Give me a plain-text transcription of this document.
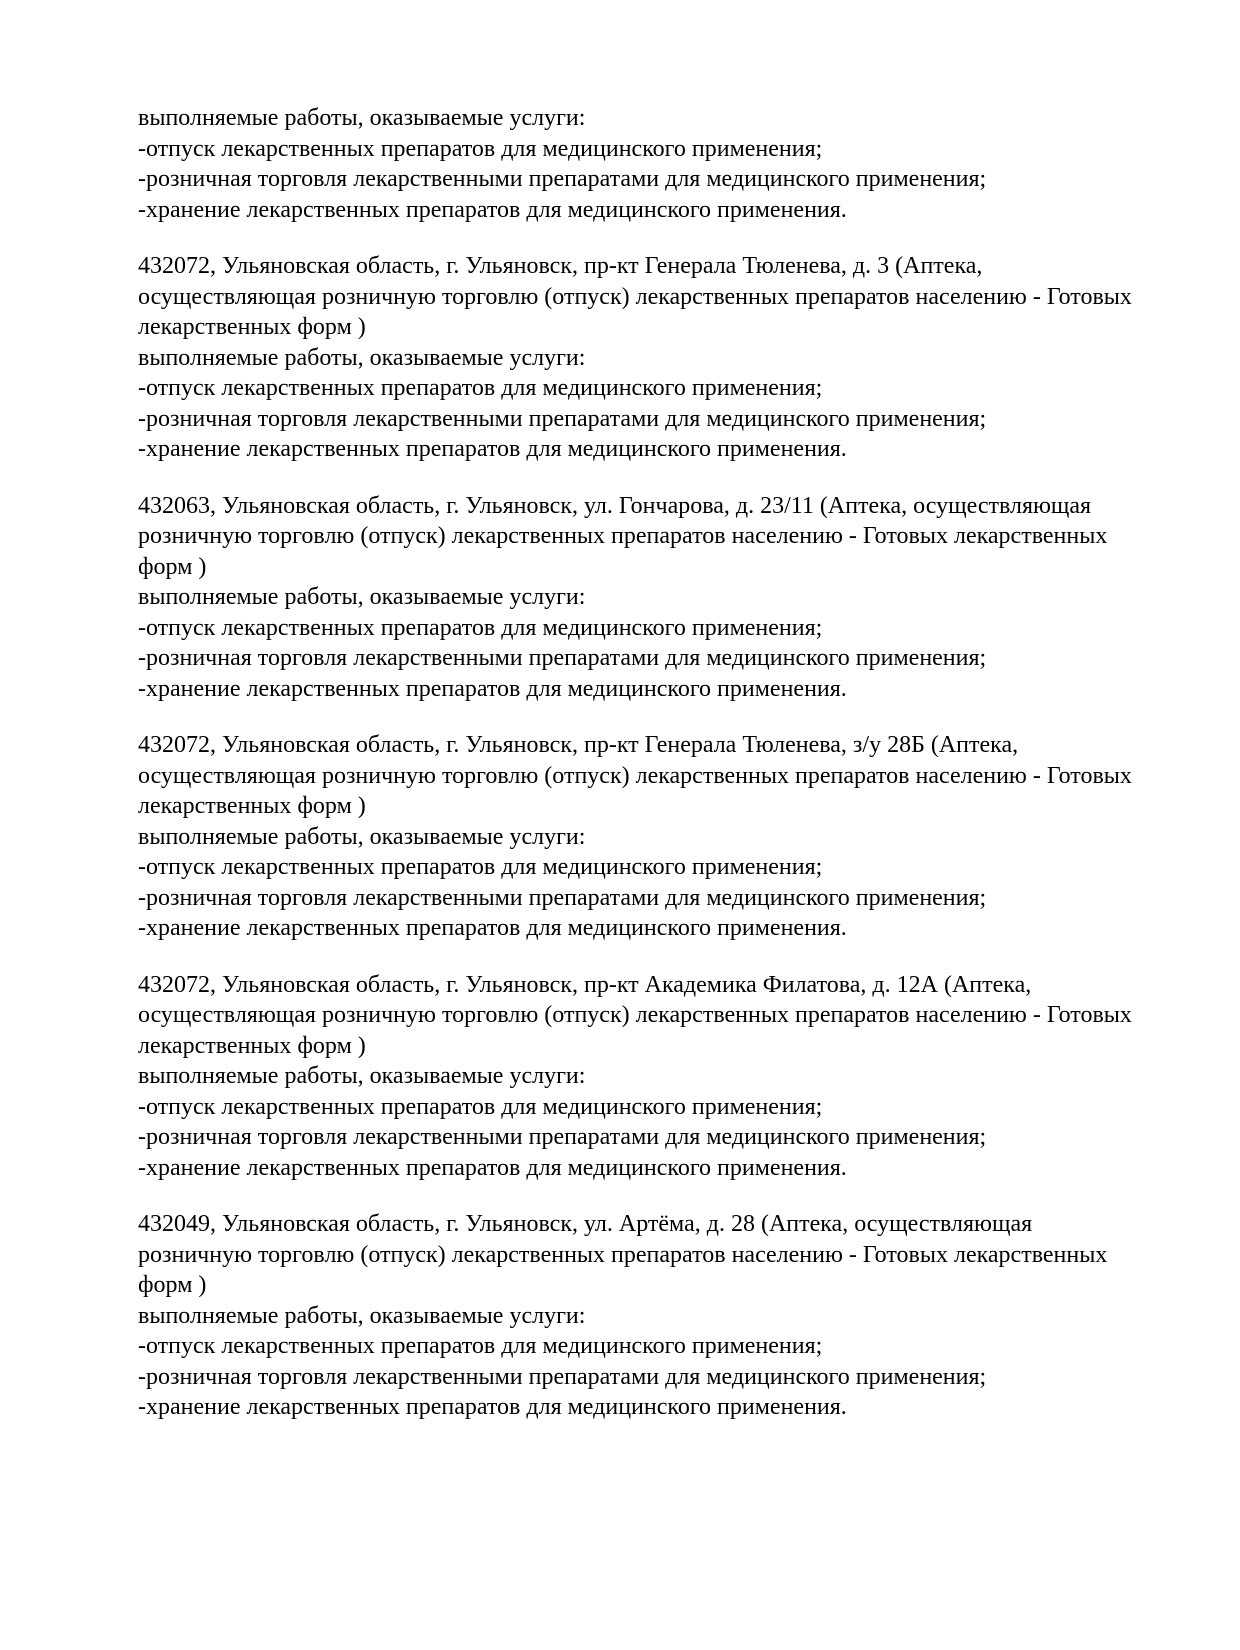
выполняемые работы, оказываемые услуги:
-отпуск лекарственных препаратов для медицинского применения;
-розничная торговля лекарственными препаратами для медицинского применения;
-хранение лекарственных препаратов для медицинского применения.
432072, Ульяновская область, г. Ульяновск, пр-кт Генерала Тюленева, д. 3 (Аптека,
осуществляющая розничную торговлю (отпуск) лекарственных препаратов населению - Готовых
лекарственных форм )
выполняемые работы, оказываемые услуги:
-отпуск лекарственных препаратов для медицинского применения;
-розничная торговля лекарственными препаратами для медицинского применения;
-хранение лекарственных препаратов для медицинского применения.
432063, Ульяновская область, г. Ульяновск, ул. Гончарова, д. 23/11 (Аптека, осуществляющая
розничную торговлю (отпуск) лекарственных препаратов населению - Готовых лекарственных
форм )
выполняемые работы, оказываемые услуги:
-отпуск лекарственных препаратов для медицинского применения;
-розничная торговля лекарственными препаратами для медицинского применения;
-хранение лекарственных препаратов для медицинского применения.
432072, Ульяновская область, г. Ульяновск, пр-кт Генерала Тюленева, з/у 28Б (Аптека,
осуществляющая розничную торговлю (отпуск) лекарственных препаратов населению - Готовых
лекарственных форм )
выполняемые работы, оказываемые услуги:
-отпуск лекарственных препаратов для медицинского применения;
-розничная торговля лекарственными препаратами для медицинского применения;
-хранение лекарственных препаратов для медицинского применения.
432072, Ульяновская область, г. Ульяновск, пр-кт Академика Филатова, д. 12А (Аптека,
осуществляющая розничную торговлю (отпуск) лекарственных препаратов населению - Готовых
лекарственных форм )
выполняемые работы, оказываемые услуги:
-отпуск лекарственных препаратов для медицинского применения;
-розничная торговля лекарственными препаратами для медицинского применения;
-хранение лекарственных препаратов для медицинского применения.
432049, Ульяновская область, г. Ульяновск, ул. Артёма, д. 28 (Аптека, осуществляющая
розничную торговлю (отпуск) лекарственных препаратов населению - Готовых лекарственных
форм )
выполняемые работы, оказываемые услуги:
-отпуск лекарственных препаратов для медицинского применения;
-розничная торговля лекарственными препаратами для медицинского применения;
-хранение лекарственных препаратов для медицинского применения.
